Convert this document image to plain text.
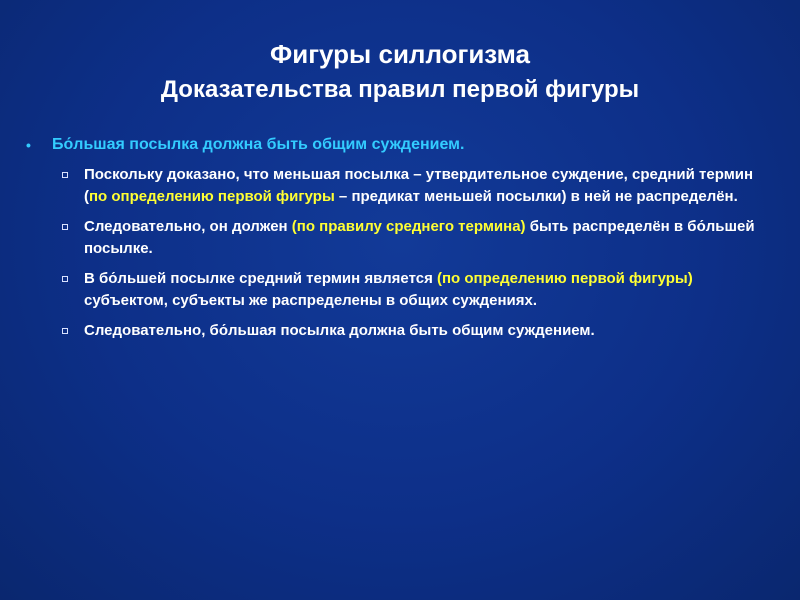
Фигуры силлогизма
Доказательства правил первой фигуры
•	Бо́льшая посылка должна быть общим суждением.
Поскольку доказано, что меньшая посылка – утвердительное суждение, средний термин (по определению первой фигуры – предикат меньшей посылки) в ней не распределён.
Следовательно, он должен (по правилу среднего термина) быть распределён в бо́льшей посылке.
В бо́льшей посылке средний термин является (по определению первой фигуры) субъектом, субъекты же распределены в общих суждениях.
Следовательно, бо́льшая посылка должна быть общим суждением.
